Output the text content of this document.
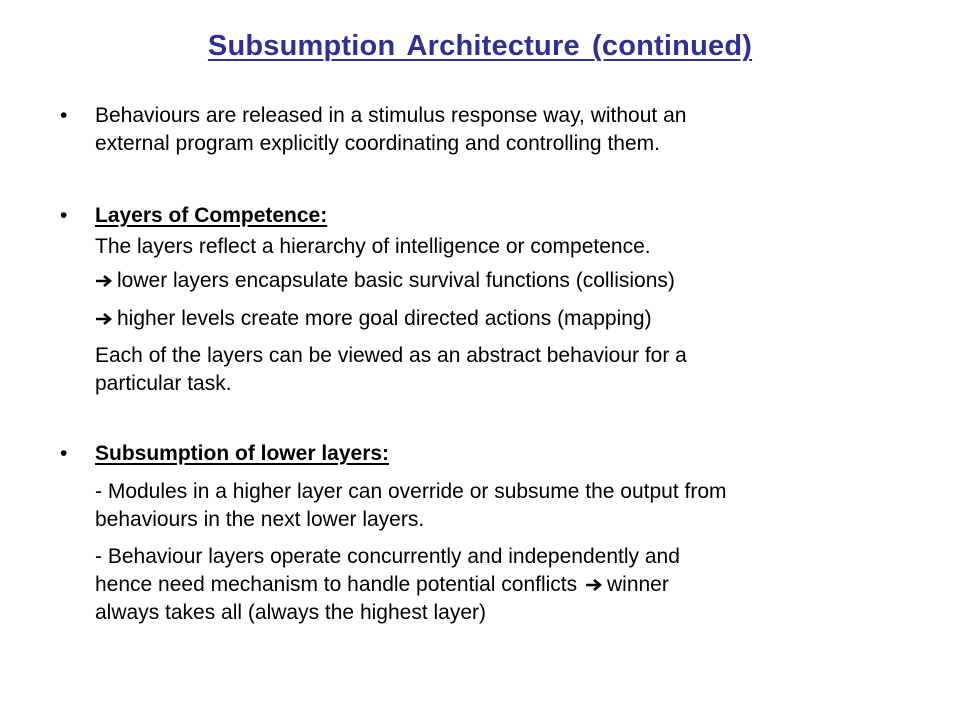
Subsumption Architecture (continued)
• Behaviours are released in a stimulus response way, without an
external program explicitly coordinating and controlling them.
• Layers of Competence:
The layers reflect a hierarchy of intelligence or competence.
lower layers encapsulate basic survival functions (collisions)
higher levels create more goal directed actions (mapping)
Each of the layers can be viewed as an abstract behaviour for a
particular task.
• Subsumption of lower layers:
- Modules in a higher layer can override or subsume the output from
behaviours in the next lower layers.
- Behaviour layers operate concurrently and independently and
hence need mechanism to handle potential conflicts winner
always takes all (always the highest layer)
